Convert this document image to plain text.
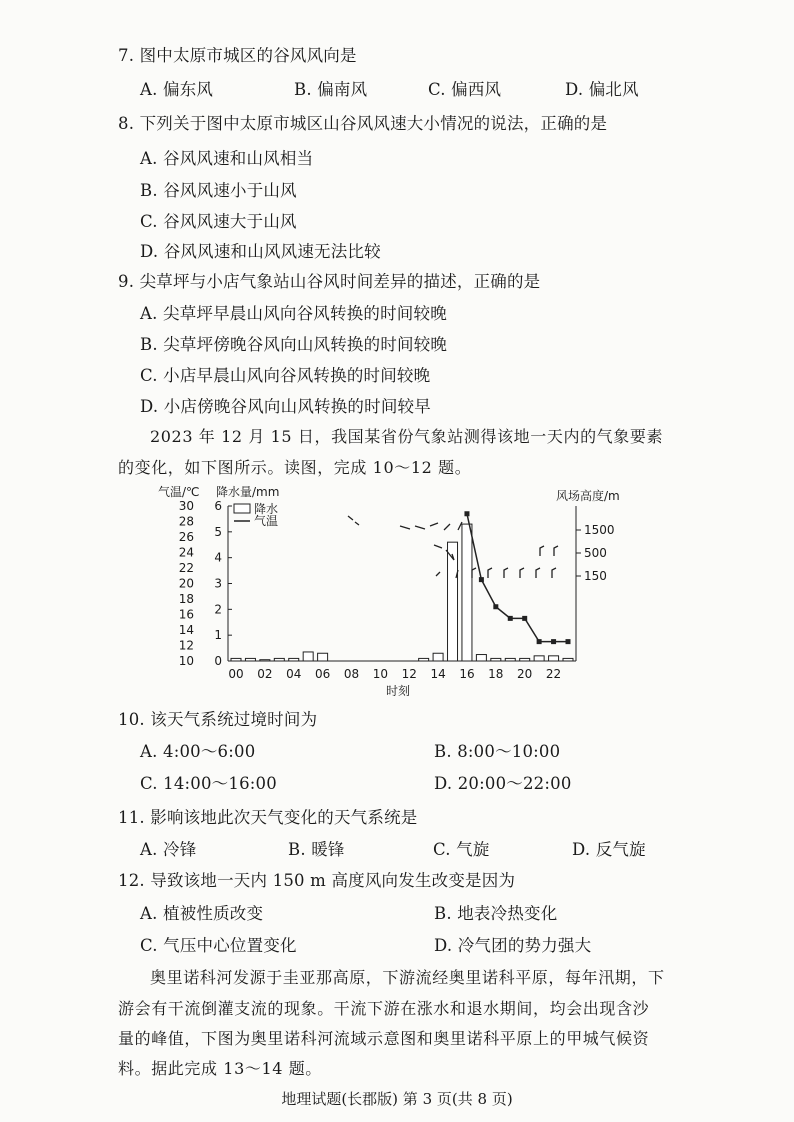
7. 图中太原市城区的谷风风向是
A. 偏东风	B. 偏南风	C. 偏西风	D. 偏北风
8. 下列关于图中太原市城区山谷风风速大小情况的说法，正确的是
A. 谷风风速和山风相当
B. 谷风风速小于山风
C. 谷风风速大于山风
D. 谷风风速和山风风速无法比较
9. 尖草坪与小店气象站山谷风时间差异的描述，正确的是
A. 尖草坪早晨山风向谷风转换的时间较晚
B. 尖草坪傍晚谷风向山风转换的时间较晚
C. 小店早晨山风向谷风转换的时间较晚
D. 小店傍晚谷风向山风转换的时间较早
2023 年 12 月 15 日，我国某省份气象站测得该地一天内的气象要素
的变化，如下图所示。读图，完成 10～12 题。
气温/℃ 降水量/mm	风场高度/m
10
12
14
16
18
20
22
24
26
28
30
0
1
2
3
4
5
6
1500
500
150
00 02 04 06 08 10 12 14 16 18 20 22
降水
气温
时刻
10. 该天气系统过境时间为
A. 4:00～6:00	B. 8:00～10:00
C. 14:00～16:00	D. 20:00～22:00
11. 影响该地此次天气变化的天气系统是
A. 冷锋	B. 暖锋	C. 气旋	D. 反气旋
12. 导致该地一天内 150 m 高度风向发生改变是因为
A. 植被性质改变	B. 地表冷热变化
C. 气压中心位置变化	D. 冷气团的势力强大
奥里诺科河发源于圭亚那高原，下游流经奥里诺科平原，每年汛期，下
游会有干流倒灌支流的现象。干流下游在涨水和退水期间，均会出现含沙
量的峰值，下图为奥里诺科河流域示意图和奥里诺科平原上的甲城气候资
料。据此完成 13～14 题。
地理试题(长郡版) 第 3 页(共 8 页)
